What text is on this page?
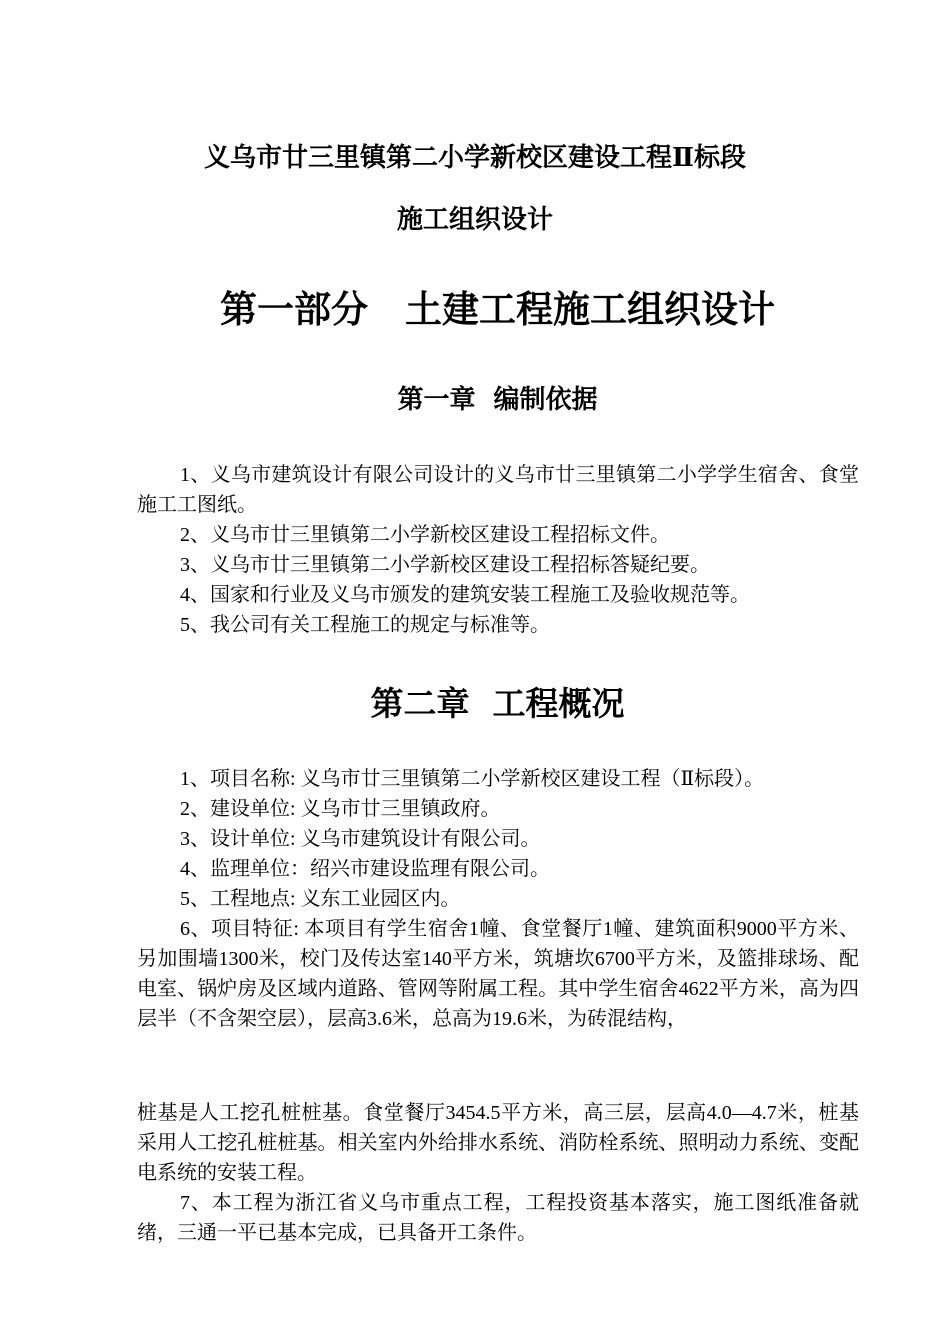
义乌市廿三里镇第二小学新校区建设工程Ⅱ标段
施工组织设计
第一部分　土建工程施工组织设计
第一章  编制依据

1、义乌市建筑设计有限公司设计的义乌市廿三里镇第二小学学生宿舍、食堂施工工图纸。

2、义乌市廿三里镇第二小学新校区建设工程招标文件。

3、义乌市廿三里镇第二小学新校区建设工程招标答疑纪要。

4、国家和行业及义乌市颁发的建筑安装工程施工及验收规范等。

5、我公司有关工程施工的规定与标准等。

第二章  工程概况

1、项目名称: 义乌市廿三里镇第二小学新校区建设工程（Ⅱ标段）。

2、建设单位: 义乌市廿三里镇政府。

3、设计单位: 义乌市建筑设计有限公司。

4、监理单位：绍兴市建设监理有限公司。

5、工程地点: 义东工业园区内。

6、项目特征: 本项目有学生宿舍1幢、食堂餐厅1幢、建筑面积9000平方米、另加围墙1300米，校门及传达室140平方米，筑塘坎6700平方米，及篮排球场、配电室、锅炉房及区域内道路、管网等附属工程。其中学生宿舍4622平方米，高为四层半（不含架空层），层高3.6米，总高为19.6米，为砖混结构，

桩基是人工挖孔桩桩基。食堂餐厅3454.5平方米，高三层，层高4.0—4.7米，桩基采用人工挖孔桩桩基。相关室内外给排水系统、消防栓系统、照明动力系统、变配电系统的安装工程。

7、本工程为浙江省义乌市重点工程，工程投资基本落实，施工图纸准备就绪，三通一平已基本完成，已具备开工条件。
